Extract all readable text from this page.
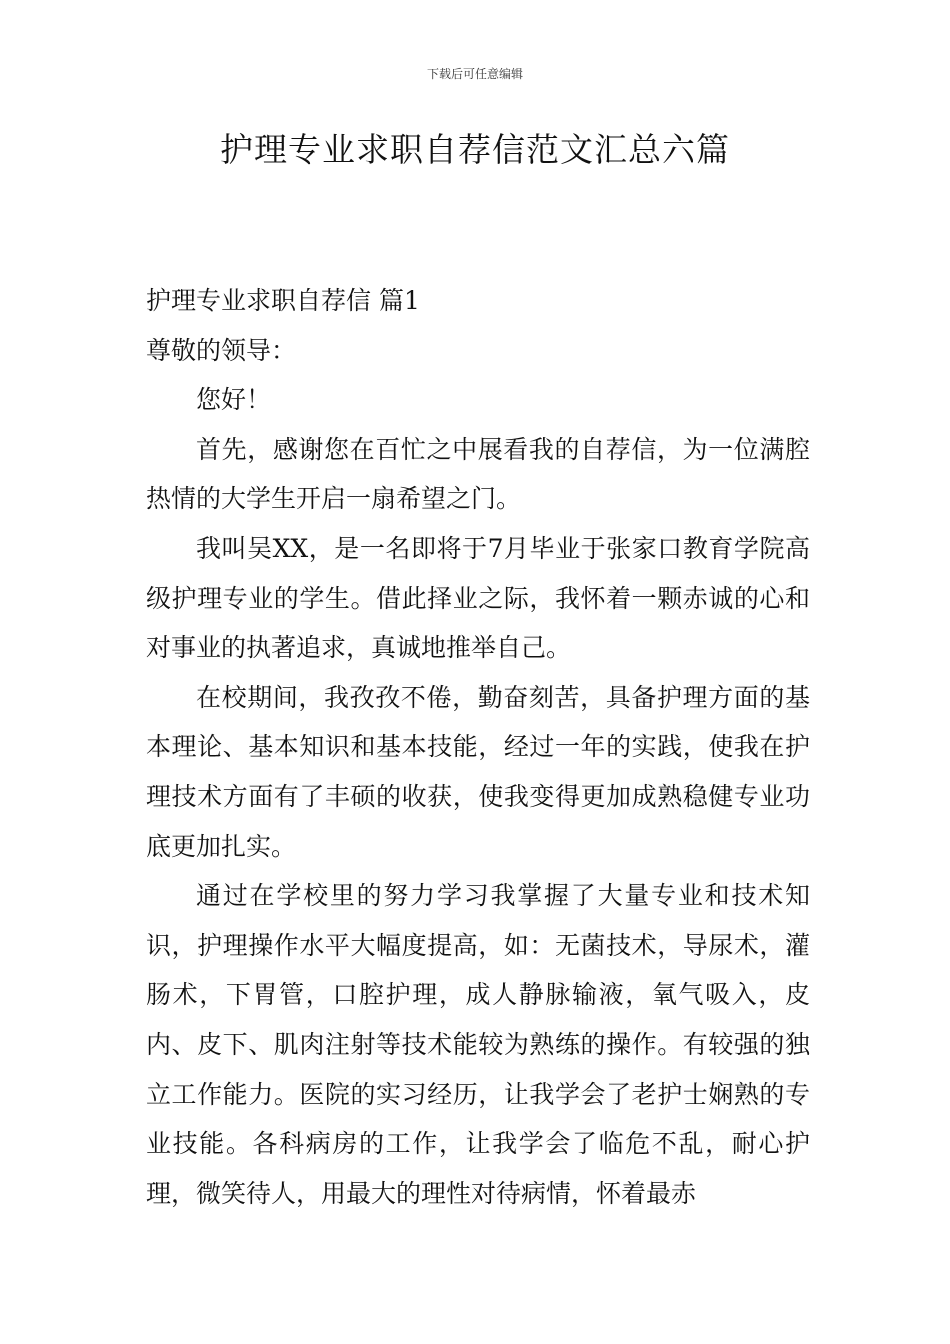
下载后可任意编辑
护理专业求职自荐信范文汇总六篇

护理专业求职自荐信 篇1

尊敬的领导：

您好！

首先，感谢您在百忙之中展看我的自荐信，为一位满腔热情的大学生开启一扇希望之门。

我叫吴XX，是一名即将于7月毕业于张家口教育学院高级护理专业的学生。借此择业之际，我怀着一颗赤诚的心和对事业的执著追求，真诚地推举自己。

在校期间，我孜孜不倦，勤奋刻苦，具备护理方面的基本理论、基本知识和基本技能，经过一年的实践，使我在护理技术方面有了丰硕的收获，使我变得更加成熟稳健专业功底更加扎实。

通过在学校里的努力学习我掌握了大量专业和技术知识，护理操作水平大幅度提高，如：无菌技术，导尿术，灌肠术，下胃管，口腔护理，成人静脉输液，氧气吸入，皮内、皮下、肌肉注射等技术能较为熟练的操作。有较强的独立工作能力。医院的实习经历，让我学会了老护士娴熟的专业技能。各科病房的工作，让我学会了临危不乱，耐心护理，微笑待人，用最大的理性对待病情，怀着最赤
